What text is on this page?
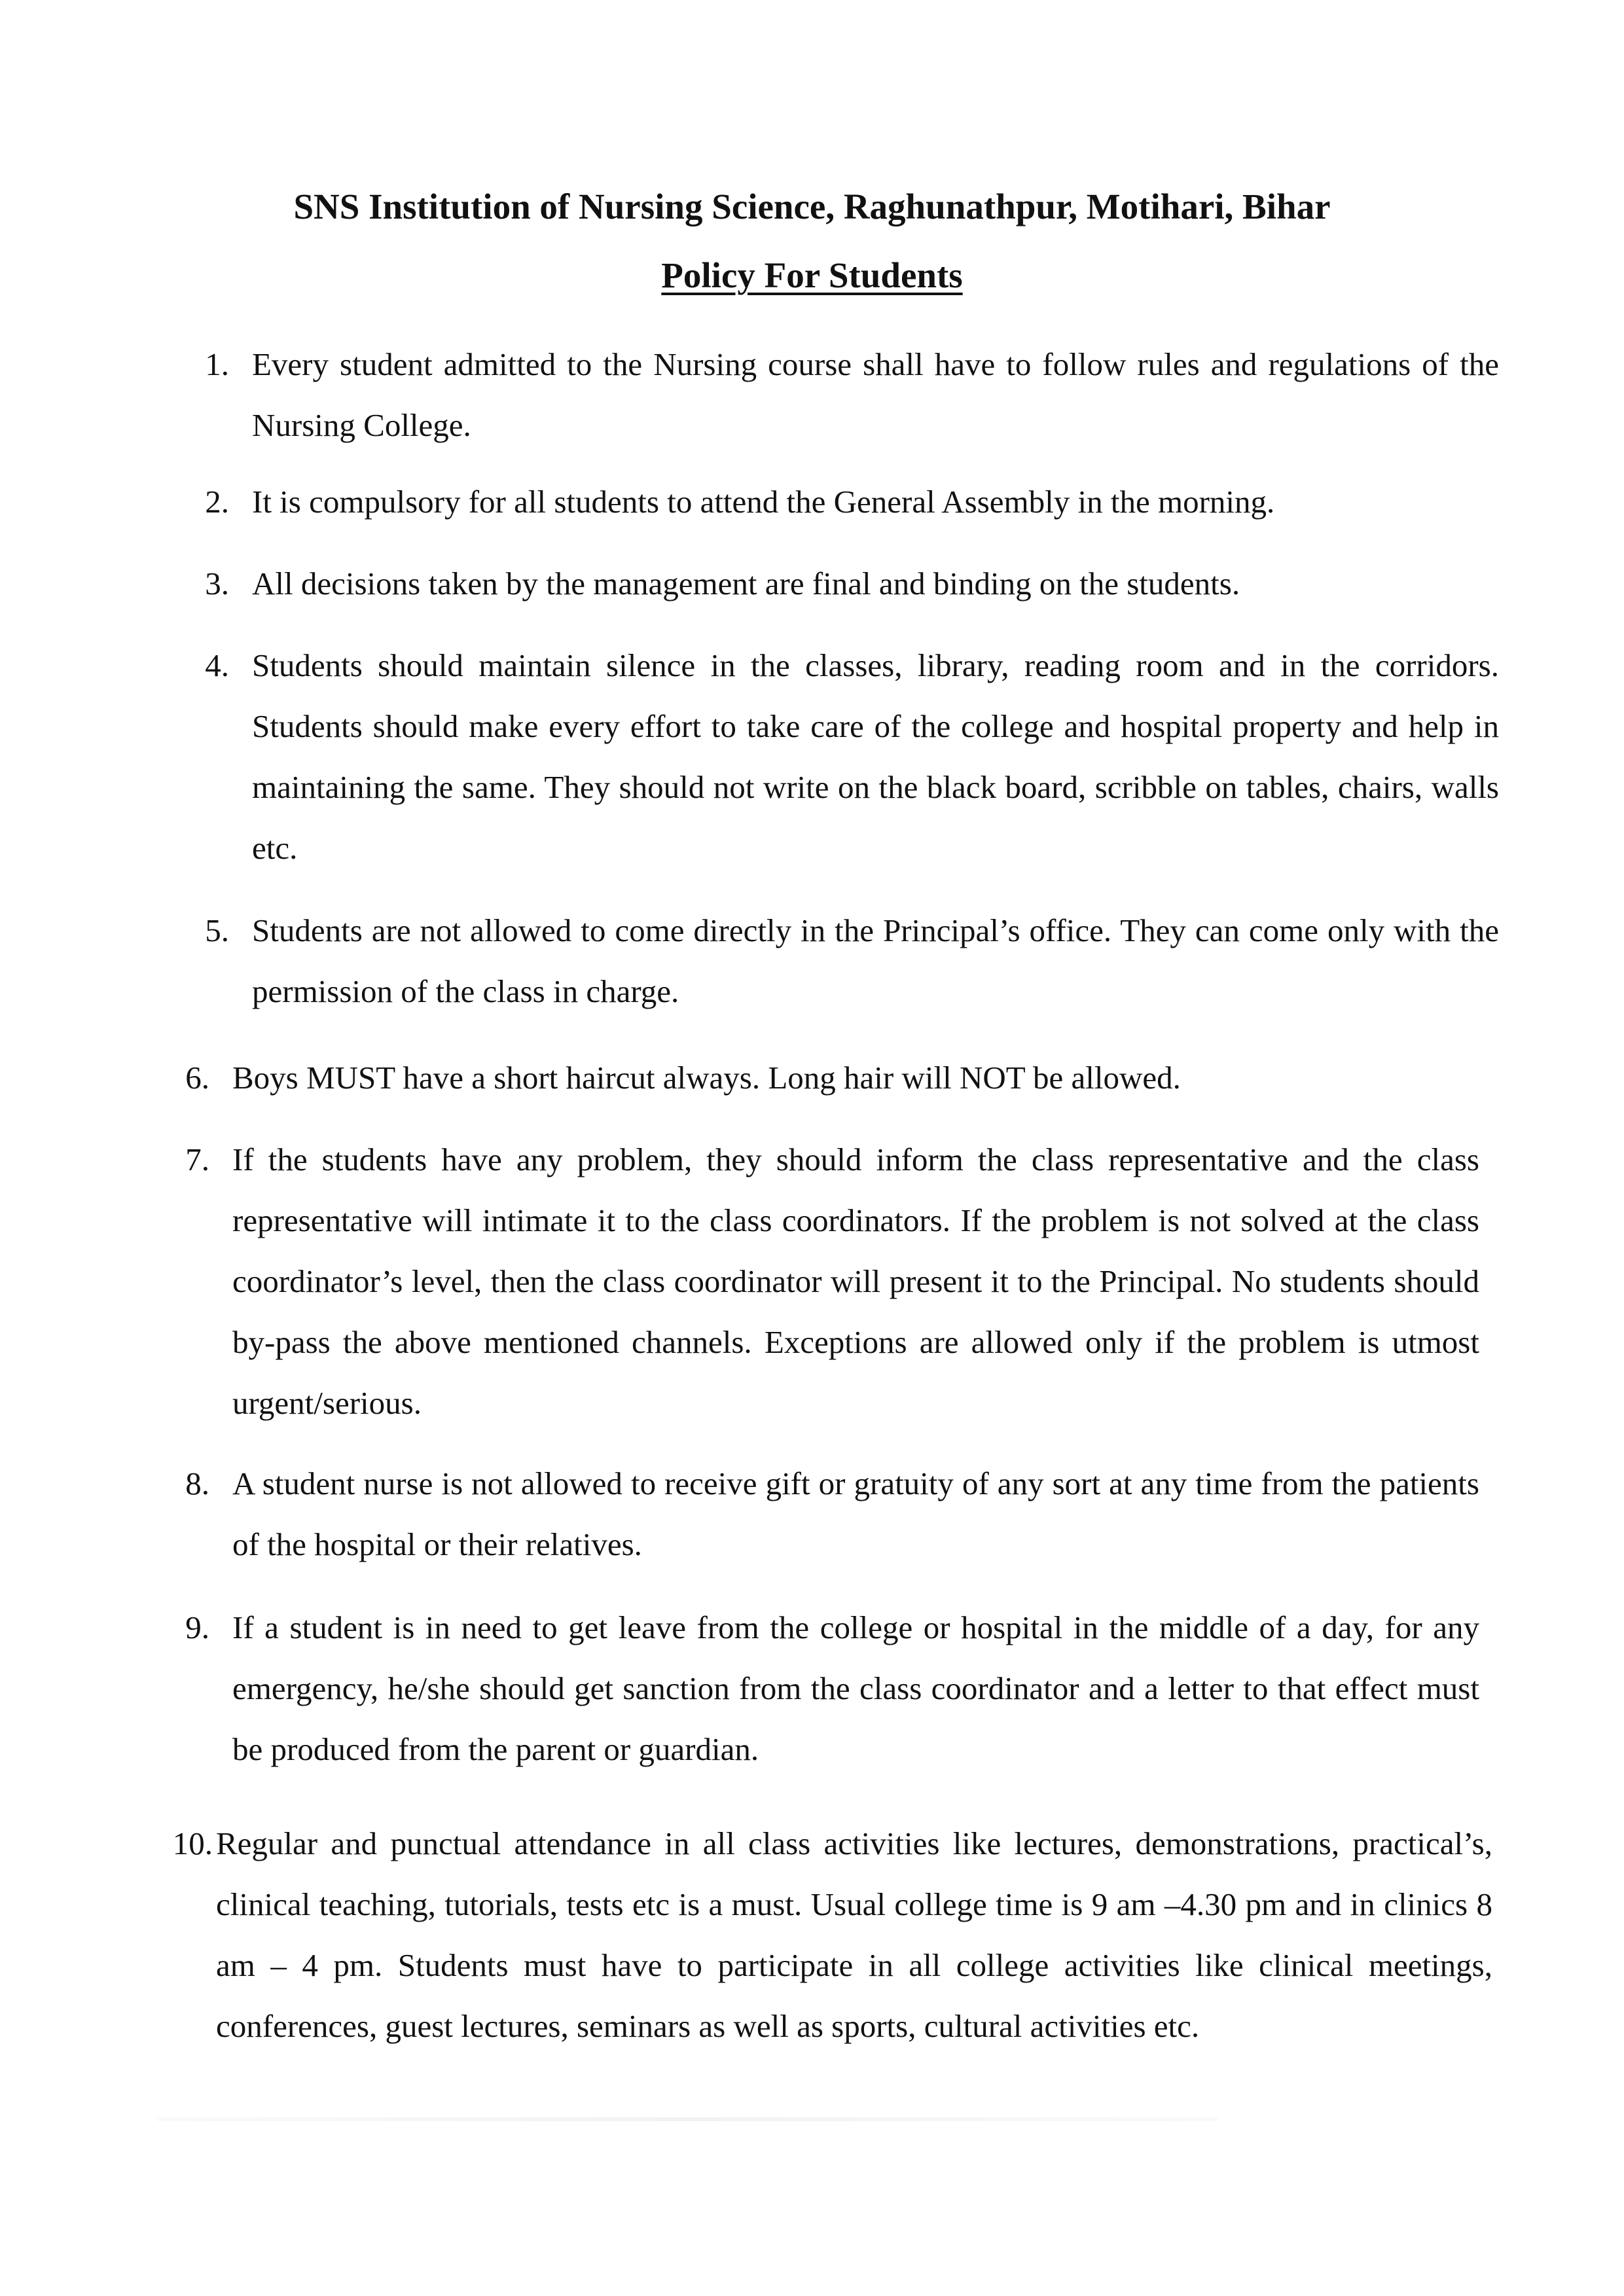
SNS Institution of Nursing Science, Raghunathpur, Motihari, Bihar
Policy For Students
1. Every student admitted to the Nursing course shall have to follow rules and regulations of the Nursing College.
2. It is compulsory for all students to attend the General Assembly in the morning.
3. All decisions taken by the management are final and binding on the students.
4. Students should maintain silence in the classes, library, reading room and in the corridors. Students should make every effort to take care of the college and hospital property and help in maintaining the same. They should not write on the black board, scribble on tables, chairs, walls etc.
5. Students are not allowed to come directly in the Principal’s office. They can come only with the permission of the class in charge.
6. Boys MUST have a short haircut always. Long hair will NOT be allowed.
7. If the students have any problem, they should inform the class representative and the class representative will intimate it to the class coordinators. If the problem is not solved at the class coordinator’s level, then the class coordinator will present it to the Principal. No students should by-pass the above mentioned channels. Exceptions are allowed only if the problem is utmost urgent/serious.
8. A student nurse is not allowed to receive gift or gratuity of any sort at any time from the patients of the hospital or their relatives.
9. If a student is in need to get leave from the college or hospital in the middle of a day, for any emergency, he/she should get sanction from the class coordinator and a letter to that effect must be produced from the parent or guardian.
10. Regular and punctual attendance in all class activities like lectures, demonstrations, practical’s, clinical teaching, tutorials, tests etc is a must. Usual college time is 9 am –4.30 pm and in clinics 8 am – 4 pm. Students must have to participate in all college activities like clinical meetings, conferences, guest lectures, seminars as well as sports, cultural activities etc.
